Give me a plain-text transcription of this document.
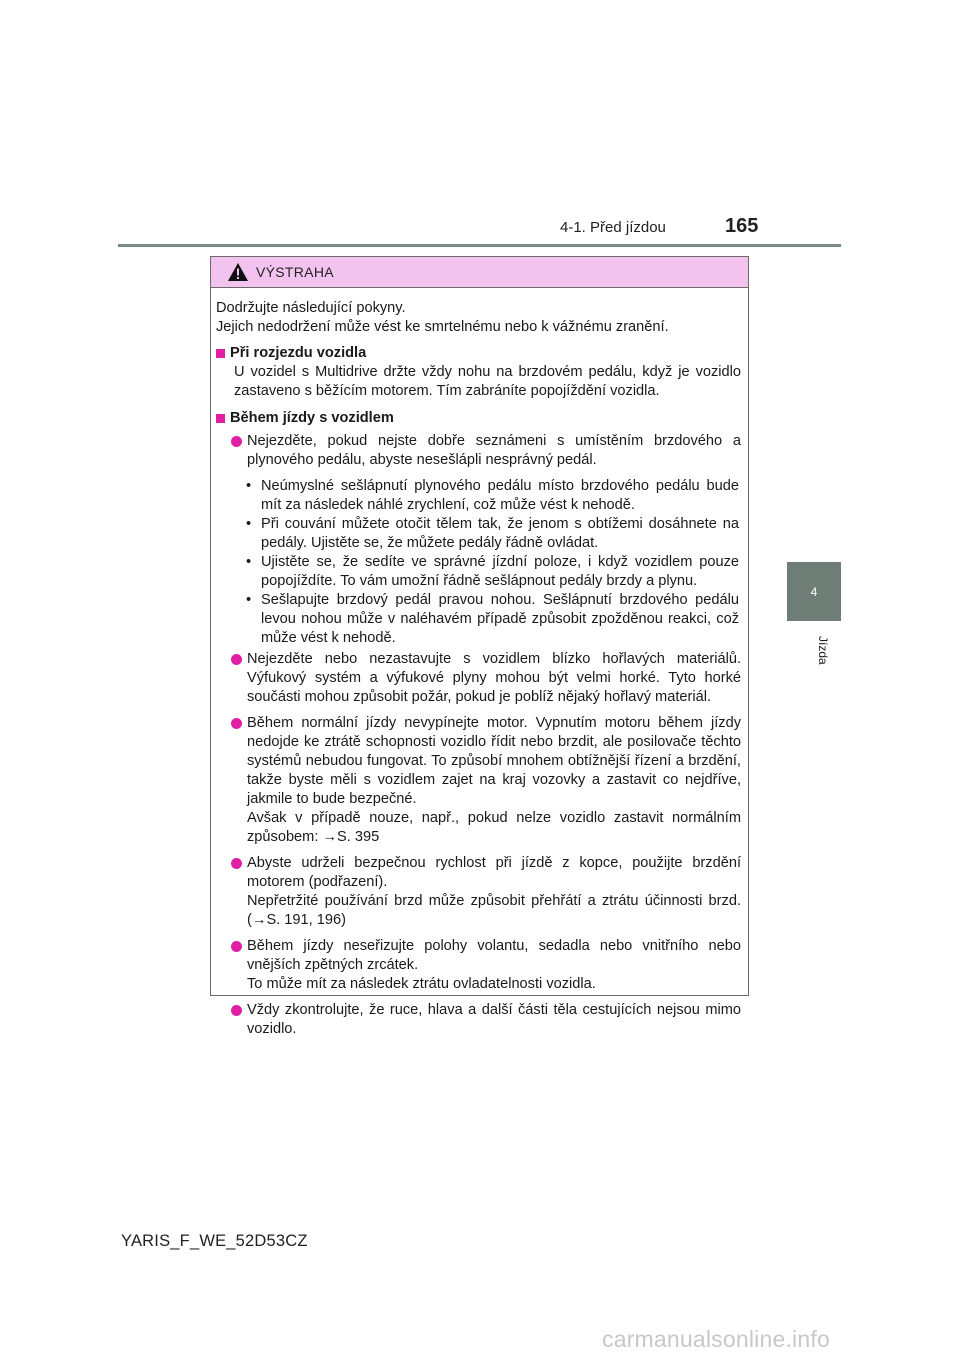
4-1. Před jízdou	165
4
Jízda
VÝSTRAHA

Dodržujte následující pokyny.

Jejich nedodržení může vést ke smrtelnému nebo k vážnému zranění.

Při rozjezdu vozidla
U vozidel s Multidrive držte vždy nohu na brzdovém pedálu, když je vozidlo zastaveno s běžícím motorem. Tím zabráníte popojíždění vozidla.
Během jízdy s vozidlem
Nejezděte, pokud nejste dobře seznámeni s umístěním brzdového a plynového pedálu, abyste nesešlápli nesprávný pedál.
• Neúmyslné sešlápnutí plynového pedálu místo brzdového pedálu bude mít za následek náhlé zrychlení, což může vést k nehodě.
• Při couvání můžete otočit tělem tak, že jenom s obtížemi dosáhnete na pedály. Ujistěte se, že můžete pedály řádně ovládat.
• Ujistěte se, že sedíte ve správné jízdní poloze, i když vozidlem pouze popojíždíte. To vám umožní řádně sešlápnout pedály brzdy a plynu.
• Sešlapujte brzdový pedál pravou nohou. Sešlápnutí brzdového pedálu levou nohou může v naléhavém případě způsobit zpožděnou reakci, což může vést k nehodě.
Nejezděte nebo nezastavujte s vozidlem blízko hořlavých materiálů. Výfukový systém a výfukové plyny mohou být velmi horké. Tyto horké součásti mohou způsobit požár, pokud je poblíž nějaký hořlavý materiál.
Během normální jízdy nevypínejte motor. Vypnutím motoru během jízdy nedojde ke ztrátě schopnosti vozidlo řídit nebo brzdit, ale posilovače těchto systémů nebudou fungovat. To způsobí mnohem obtížnější řízení a brzdění, takže byste měli s vozidlem zajet na kraj vozovky a zastavit co nejdříve, jakmile to bude bezpečné.
Avšak v případě nouze, např., pokud nelze vozidlo zastavit normálním způsobem: →S. 395
Abyste udrželi bezpečnou rychlost při jízdě z kopce, použijte brzdění motorem (podřazení).
Nepřetržité používání brzd může způsobit přehřátí a ztrátu účinnosti brzd. (→S. 191, 196)
Během jízdy neseřizujte polohy volantu, sedadla nebo vnitřního nebo vnějších zpětných zrcátek.
To může mít za následek ztrátu ovladatelnosti vozidla.
Vždy zkontrolujte, že ruce, hlava a další části těla cestujících nejsou mimo vozidlo.
YARIS_F_WE_52D53CZ
carmanualsonline.info
